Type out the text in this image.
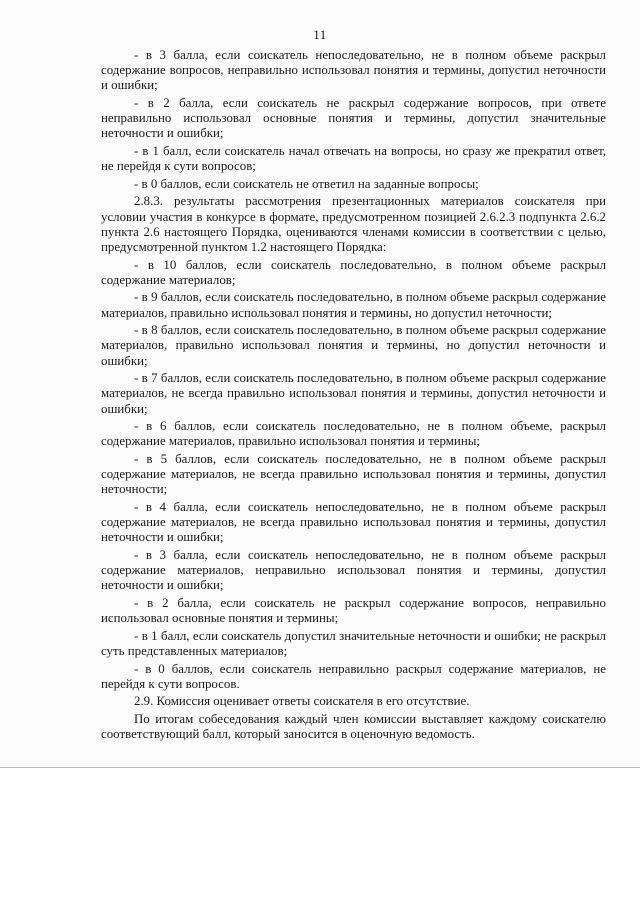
11

- в 3 балла, если соискатель непоследовательно, не в полном объеме раскрыл содержание вопросов, неправильно использовал понятия и термины, допустил неточности и ошибки;

- в 2 балла, если соискатель не раскрыл содержание вопросов, при ответе неправильно использовал основные понятия и термины, допустил значительные неточности и ошибки;

- в 1 балл, если соискатель начал отвечать на вопросы, но сразу же прекратил ответ, не перейдя к сути вопросов;

- в 0 баллов, если соискатель не ответил на заданные вопросы;

2.8.3. результаты рассмотрения презентационных материалов соискателя при условии участия в конкурсе в формате, предусмотренном позицией 2.6.2.3 подпункта 2.6.2 пункта 2.6 настоящего Порядка, оцениваются членами комиссии в соответствии с целью, предусмотренной пунктом 1.2 настоящего Порядка:

- в 10 баллов, если соискатель последовательно, в полном объеме раскрыл содержание материалов;

- в 9 баллов, если соискатель последовательно, в полном объеме раскрыл содержание материалов, правильно использовал понятия и термины, но допустил неточности;

- в 8 баллов, если соискатель последовательно, в полном объеме раскрыл содержание материалов, правильно использовал понятия и термины, но допустил неточности и ошибки;

- в 7 баллов, если соискатель последовательно, в полном объеме раскрыл содержание материалов, не всегда правильно использовал понятия и термины, допустил неточности и ошибки;

- в 6 баллов, если соискатель последовательно, не в полном объеме, раскрыл содержание материалов, правильно использовал понятия и термины;

- в 5 баллов, если соискатель последовательно, не в полном объеме раскрыл содержание материалов, не всегда правильно использовал понятия и термины, допустил неточности;

- в 4 балла, если соискатель непоследовательно, не в полном объеме раскрыл содержание материалов, не всегда правильно использовал понятия и термины, допустил неточности и ошибки;

- в 3 балла, если соискатель непоследовательно, не в полном объеме раскрыл содержание материалов, неправильно использовал понятия и термины, допустил неточности и ошибки;

- в 2 балла, если соискатель не раскрыл содержание вопросов, неправильно использовал основные понятия и термины;

- в 1 балл, если соискатель допустил значительные неточности и ошибки; не раскрыл суть представленных материалов;

- в 0 баллов, если соискатель неправильно раскрыл содержание материалов, не перейдя к сути вопросов.

2.9. Комиссия оценивает ответы соискателя в его отсутствие.

По итогам собеседования каждый член комиссии выставляет каждому соискателю соответствующий балл, который заносится в оценочную ведомость.
